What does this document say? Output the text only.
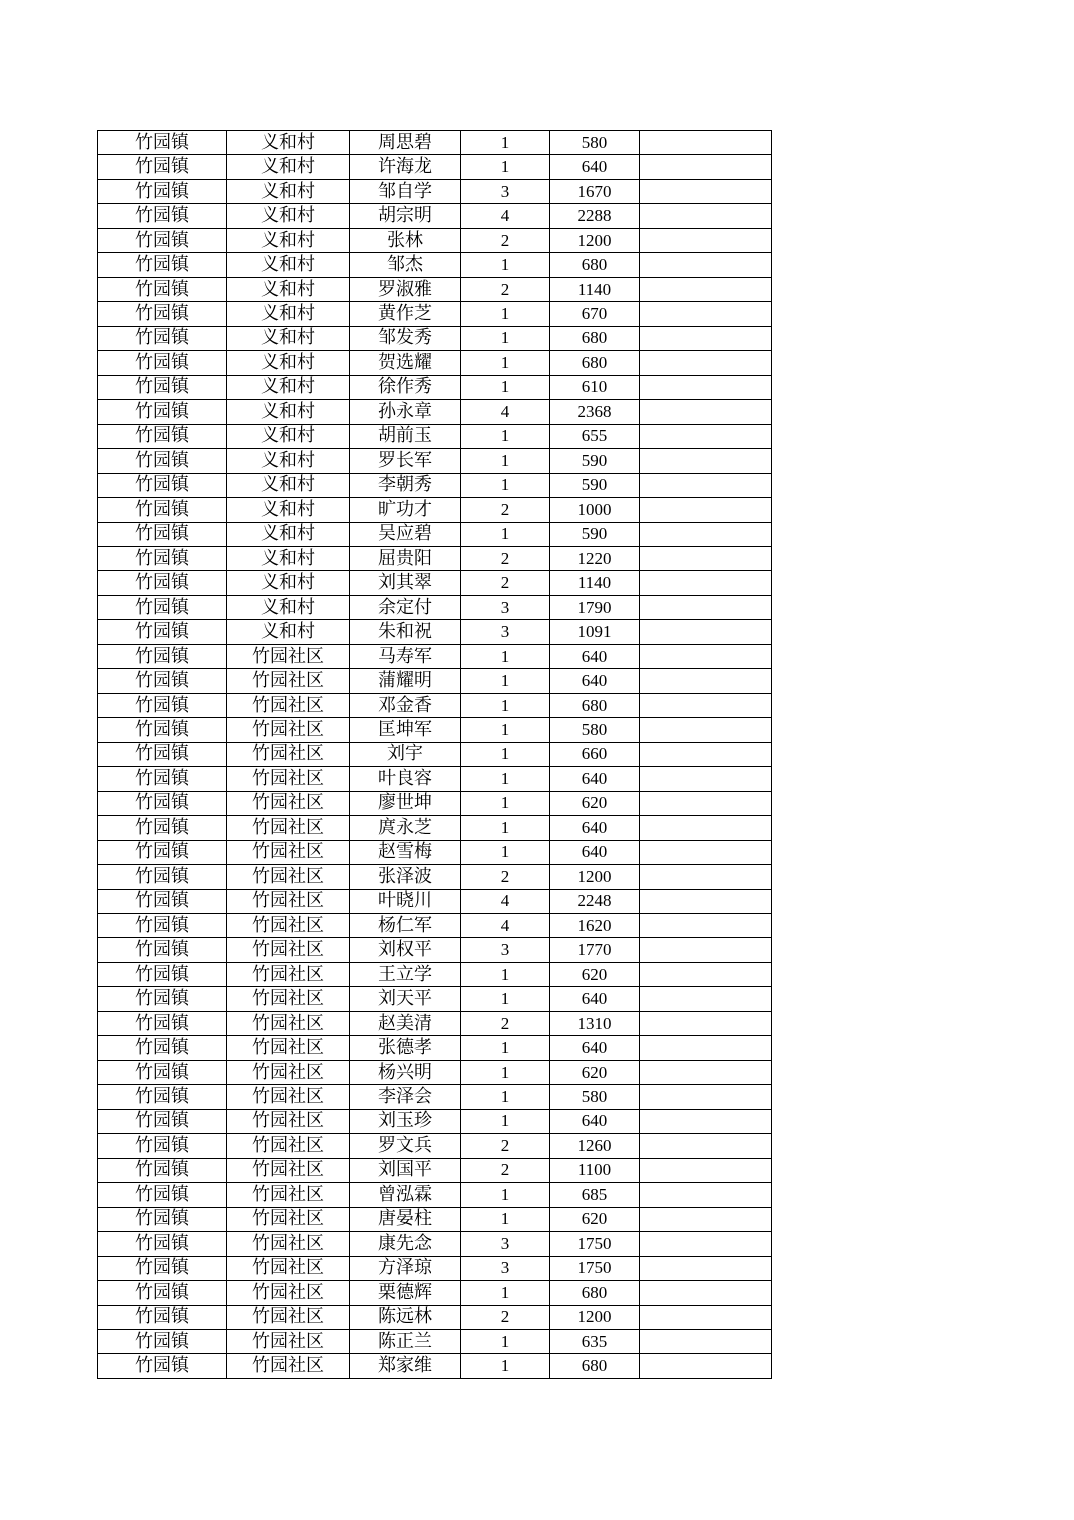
竹园镇	义和村	周思碧	1	580	
竹园镇	义和村	许海龙	1	640	
竹园镇	义和村	邹自学	3	1670	
竹园镇	义和村	胡宗明	4	2288	
竹园镇	义和村	张林	2	1200	
竹园镇	义和村	邹杰	1	680	
竹园镇	义和村	罗淑雅	2	1140	
竹园镇	义和村	黄作芝	1	670	
竹园镇	义和村	邹发秀	1	680	
竹园镇	义和村	贺选耀	1	680	
竹园镇	义和村	徐作秀	1	610	
竹园镇	义和村	孙永章	4	2368	
竹园镇	义和村	胡前玉	1	655	
竹园镇	义和村	罗长军	1	590	
竹园镇	义和村	李朝秀	1	590	
竹园镇	义和村	旷功才	2	1000	
竹园镇	义和村	吴应碧	1	590	
竹园镇	义和村	屈贵阳	2	1220	
竹园镇	义和村	刘其翠	2	1140	
竹园镇	义和村	余定付	3	1790	
竹园镇	义和村	朱和祝	3	1091	
竹园镇	竹园社区	马寿军	1	640	
竹园镇	竹园社区	蒲耀明	1	640	
竹园镇	竹园社区	邓金香	1	680	
竹园镇	竹园社区	匡坤军	1	580	
竹园镇	竹园社区	刘宇	1	660	
竹园镇	竹园社区	叶良容	1	640	
竹园镇	竹园社区	廖世坤	1	620	
竹园镇	竹园社区	庹永芝	1	640	
竹园镇	竹园社区	赵雪梅	1	640	
竹园镇	竹园社区	张泽波	2	1200	
竹园镇	竹园社区	叶晓川	4	2248	
竹园镇	竹园社区	杨仁军	4	1620	
竹园镇	竹园社区	刘权平	3	1770	
竹园镇	竹园社区	王立学	1	620	
竹园镇	竹园社区	刘天平	1	640	
竹园镇	竹园社区	赵美清	2	1310	
竹园镇	竹园社区	张德孝	1	640	
竹园镇	竹园社区	杨兴明	1	620	
竹园镇	竹园社区	李泽会	1	580	
竹园镇	竹园社区	刘玉珍	1	640	
竹园镇	竹园社区	罗文兵	2	1260	
竹园镇	竹园社区	刘国平	2	1100	
竹园镇	竹园社区	曾泓霖	1	685	
竹园镇	竹园社区	唐晏柱	1	620	
竹园镇	竹园社区	康先念	3	1750	
竹园镇	竹园社区	方泽琼	3	1750	
竹园镇	竹园社区	栗德辉	1	680	
竹园镇	竹园社区	陈远林	2	1200	
竹园镇	竹园社区	陈正兰	1	635	
竹园镇	竹园社区	郑家维	1	680	
